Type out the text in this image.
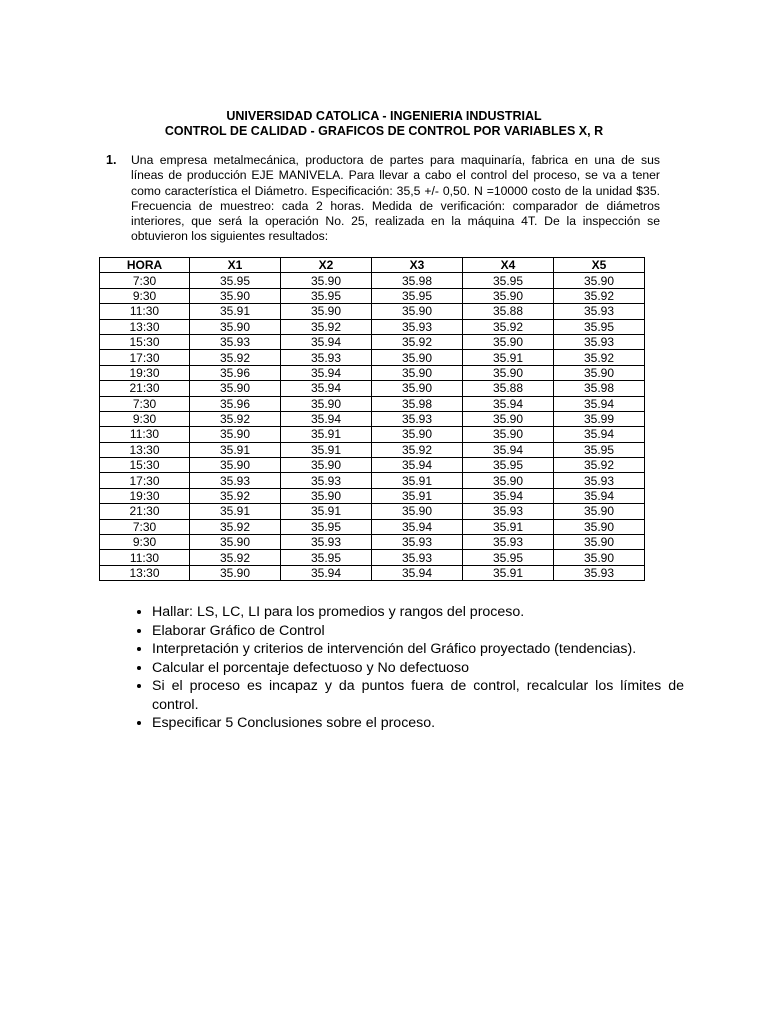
UNIVERSIDAD CATOLICA - INGENIERIA INDUSTRIAL
CONTROL DE CALIDAD - GRAFICOS DE CONTROL POR VARIABLES X, R
1. Una empresa metalmecánica, productora de partes para maquinaría, fabrica en una de sus líneas de producción EJE MANIVELA. Para llevar a cabo el control del proceso, se va a tener como característica el Diámetro. Especificación: 35,5 +/- 0,50. N =10000 costo de la unidad $35. Frecuencia de muestreo: cada 2 horas. Medida de verificación: comparador de diámetros interiores, que será la operación No. 25, realizada en la máquina 4T. De la inspección se obtuvieron los siguientes resultados:
HORA	X1	X2	X3	X4	X5
7:30	35.95	35.90	35.98	35.95	35.90
9:30	35.90	35.95	35.95	35.90	35.92
11:30	35.91	35.90	35.90	35.88	35.93
13:30	35.90	35.92	35.93	35.92	35.95
15:30	35.93	35.94	35.92	35.90	35.93
17:30	35.92	35.93	35.90	35.91	35.92
19:30	35.96	35.94	35.90	35.90	35.90
21:30	35.90	35.94	35.90	35.88	35.98
7:30	35.96	35.90	35.98	35.94	35.94
9:30	35.92	35.94	35.93	35.90	35.99
11:30	35.90	35.91	35.90	35.90	35.94
13:30	35.91	35.91	35.92	35.94	35.95
15:30	35.90	35.90	35.94	35.95	35.92
17:30	35.93	35.93	35.91	35.90	35.93
19:30	35.92	35.90	35.91	35.94	35.94
21:30	35.91	35.91	35.90	35.93	35.90
7:30	35.92	35.95	35.94	35.91	35.90
9:30	35.90	35.93	35.93	35.93	35.90
11:30	35.92	35.95	35.93	35.95	35.90
13:30	35.90	35.94	35.94	35.91	35.93
• Hallar: LS, LC, LI para los promedios y rangos del proceso.
• Elaborar Gráfico de Control
• Interpretación y criterios de intervención del Gráfico proyectado (tendencias).
• Calcular el porcentaje defectuoso y No defectuoso
• Si el proceso es incapaz y da puntos fuera de control, recalcular los límites de control.
• Especificar 5 Conclusiones sobre el proceso.
